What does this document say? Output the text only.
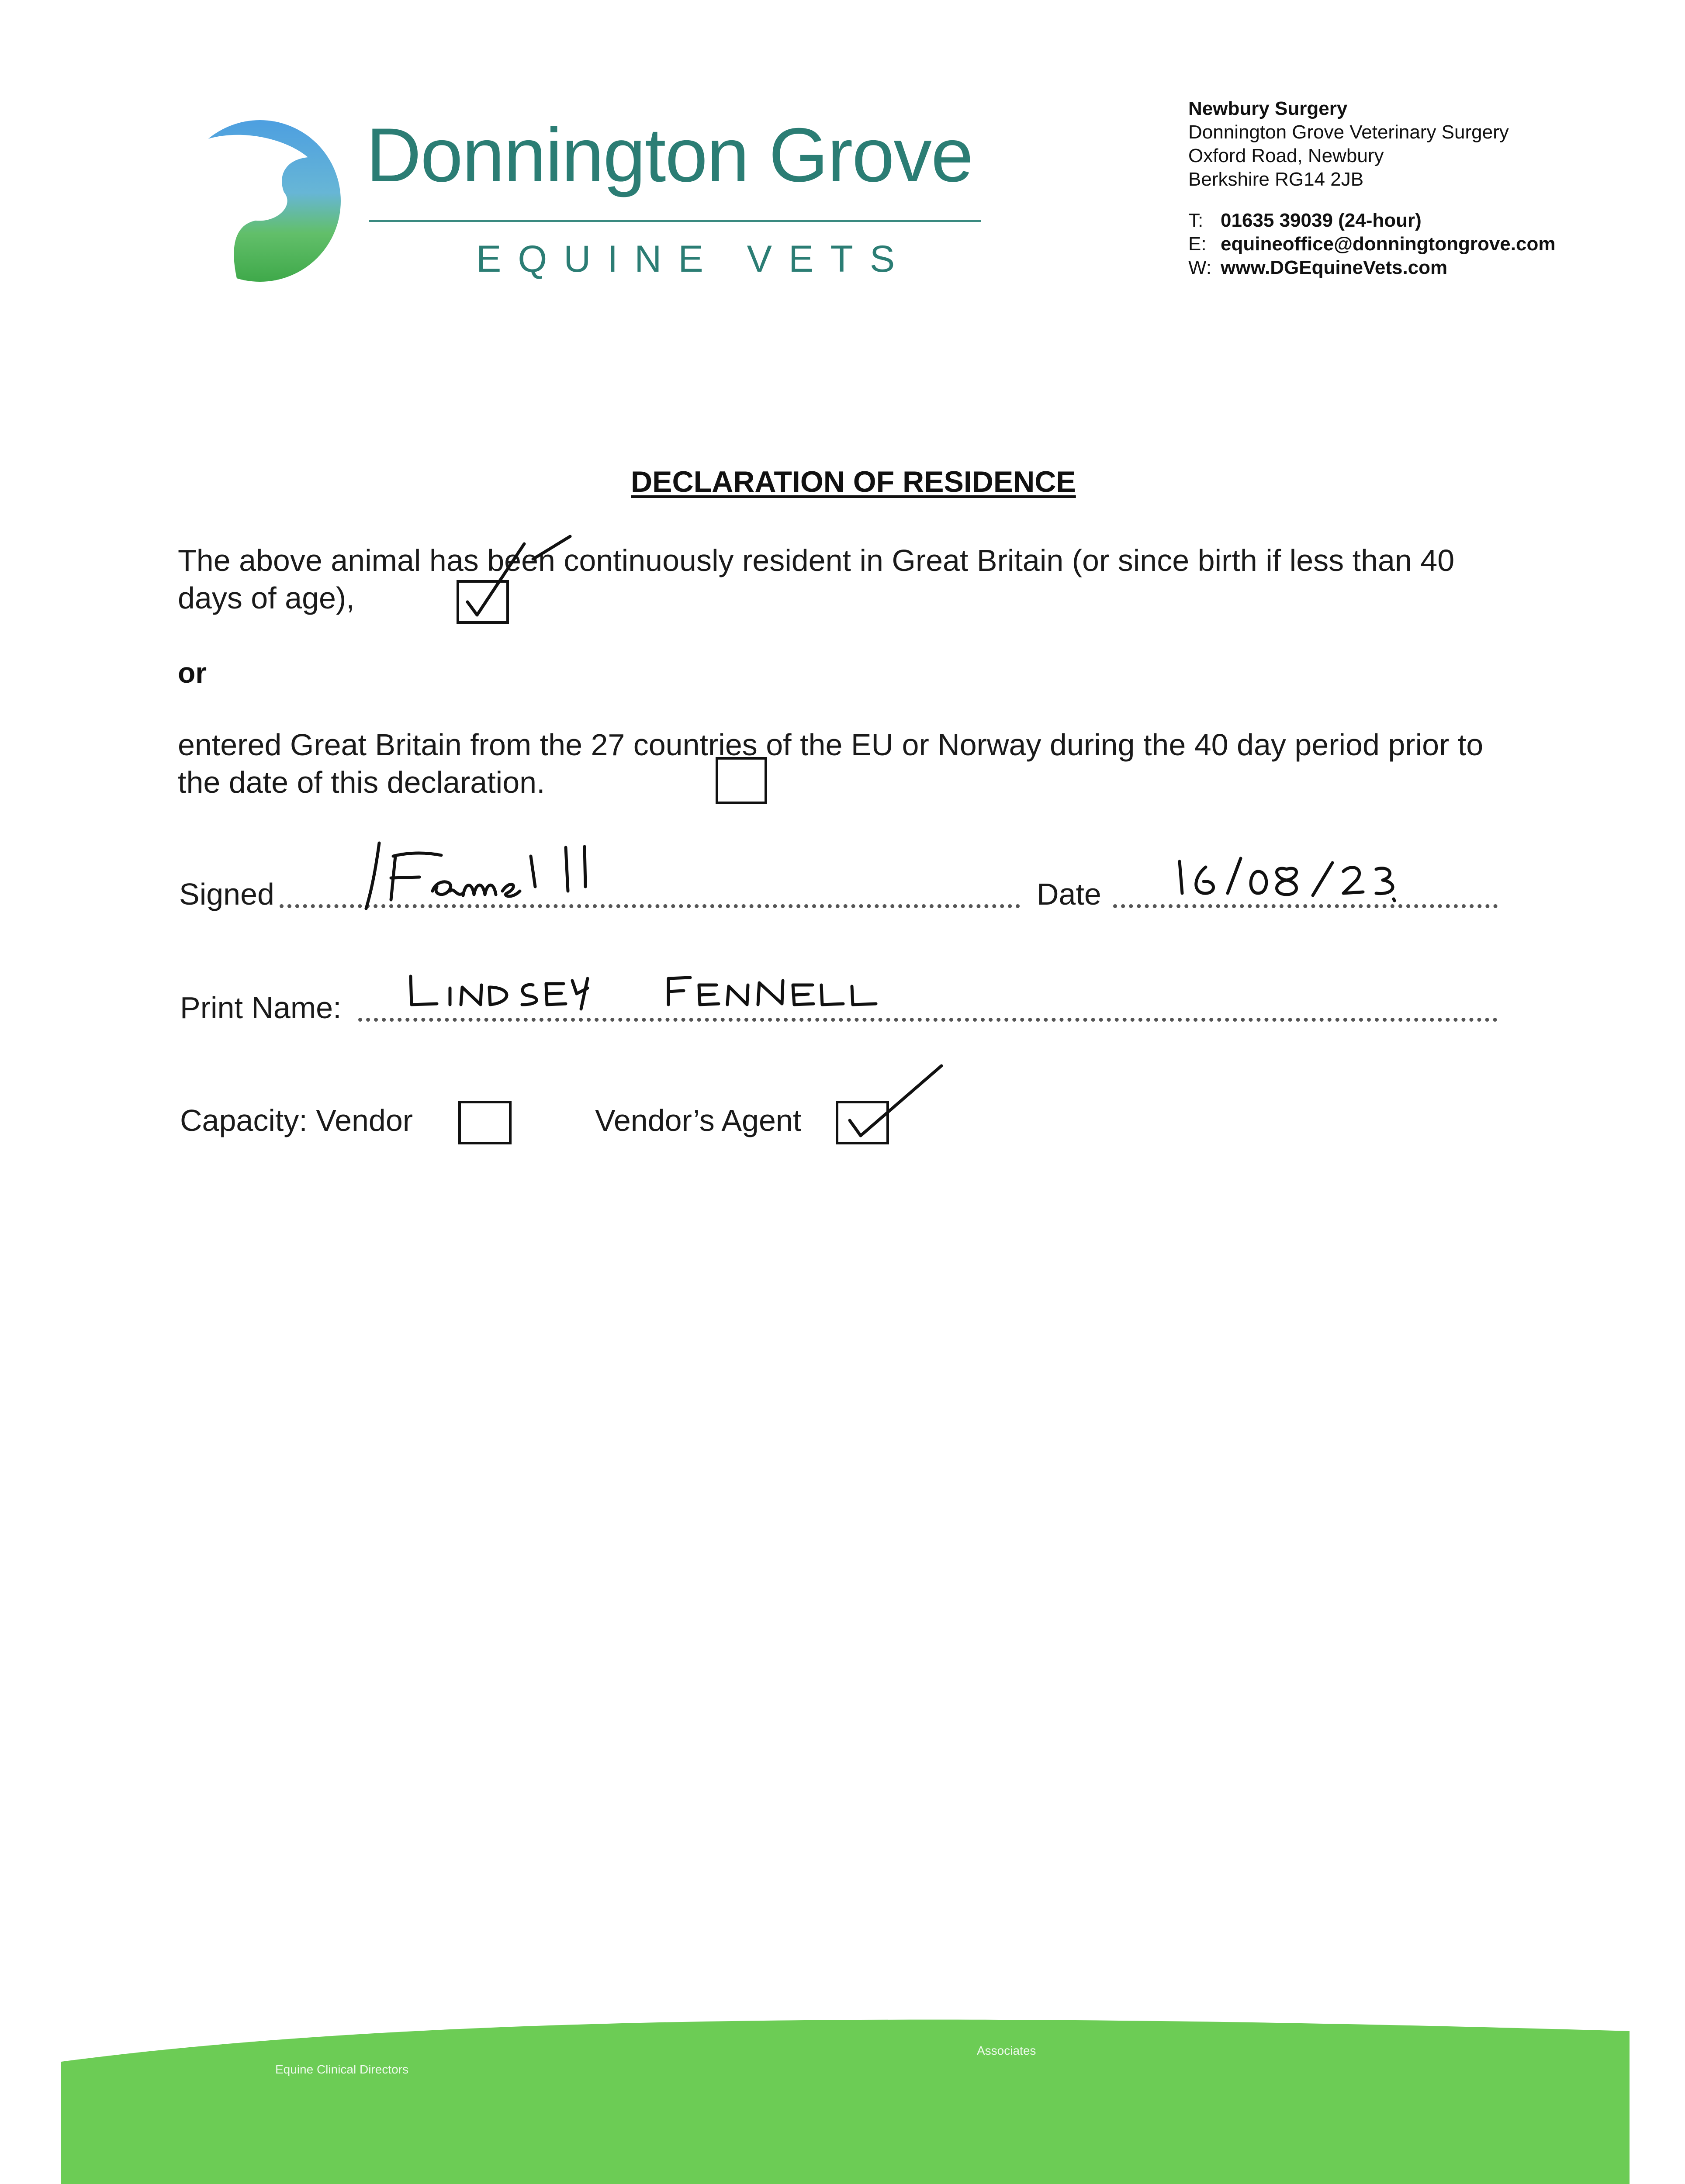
Donnington Grove
EQUINE VETS
Newbury Surgery
Donnington Grove Veterinary Surgery
Oxford Road, Newbury
Berkshire RG14 2JB
T: 01635 39039 (24-hour)
E: equineoffice@donningtongrove.com
W: www.DGEquineVets.com
DECLARATION OF RESIDENCE
The above animal has been continuously resident in Great Britain (or since birth if less than 40 days of age),
or
entered Great Britain from the 27 countries of the EU or Norway during the 40 day period prior to the date of this declaration.
Signed	Date
Print Name:
Capacity: Vendor	Vendor’s Agent
Equine Clinical Directors
Associates
